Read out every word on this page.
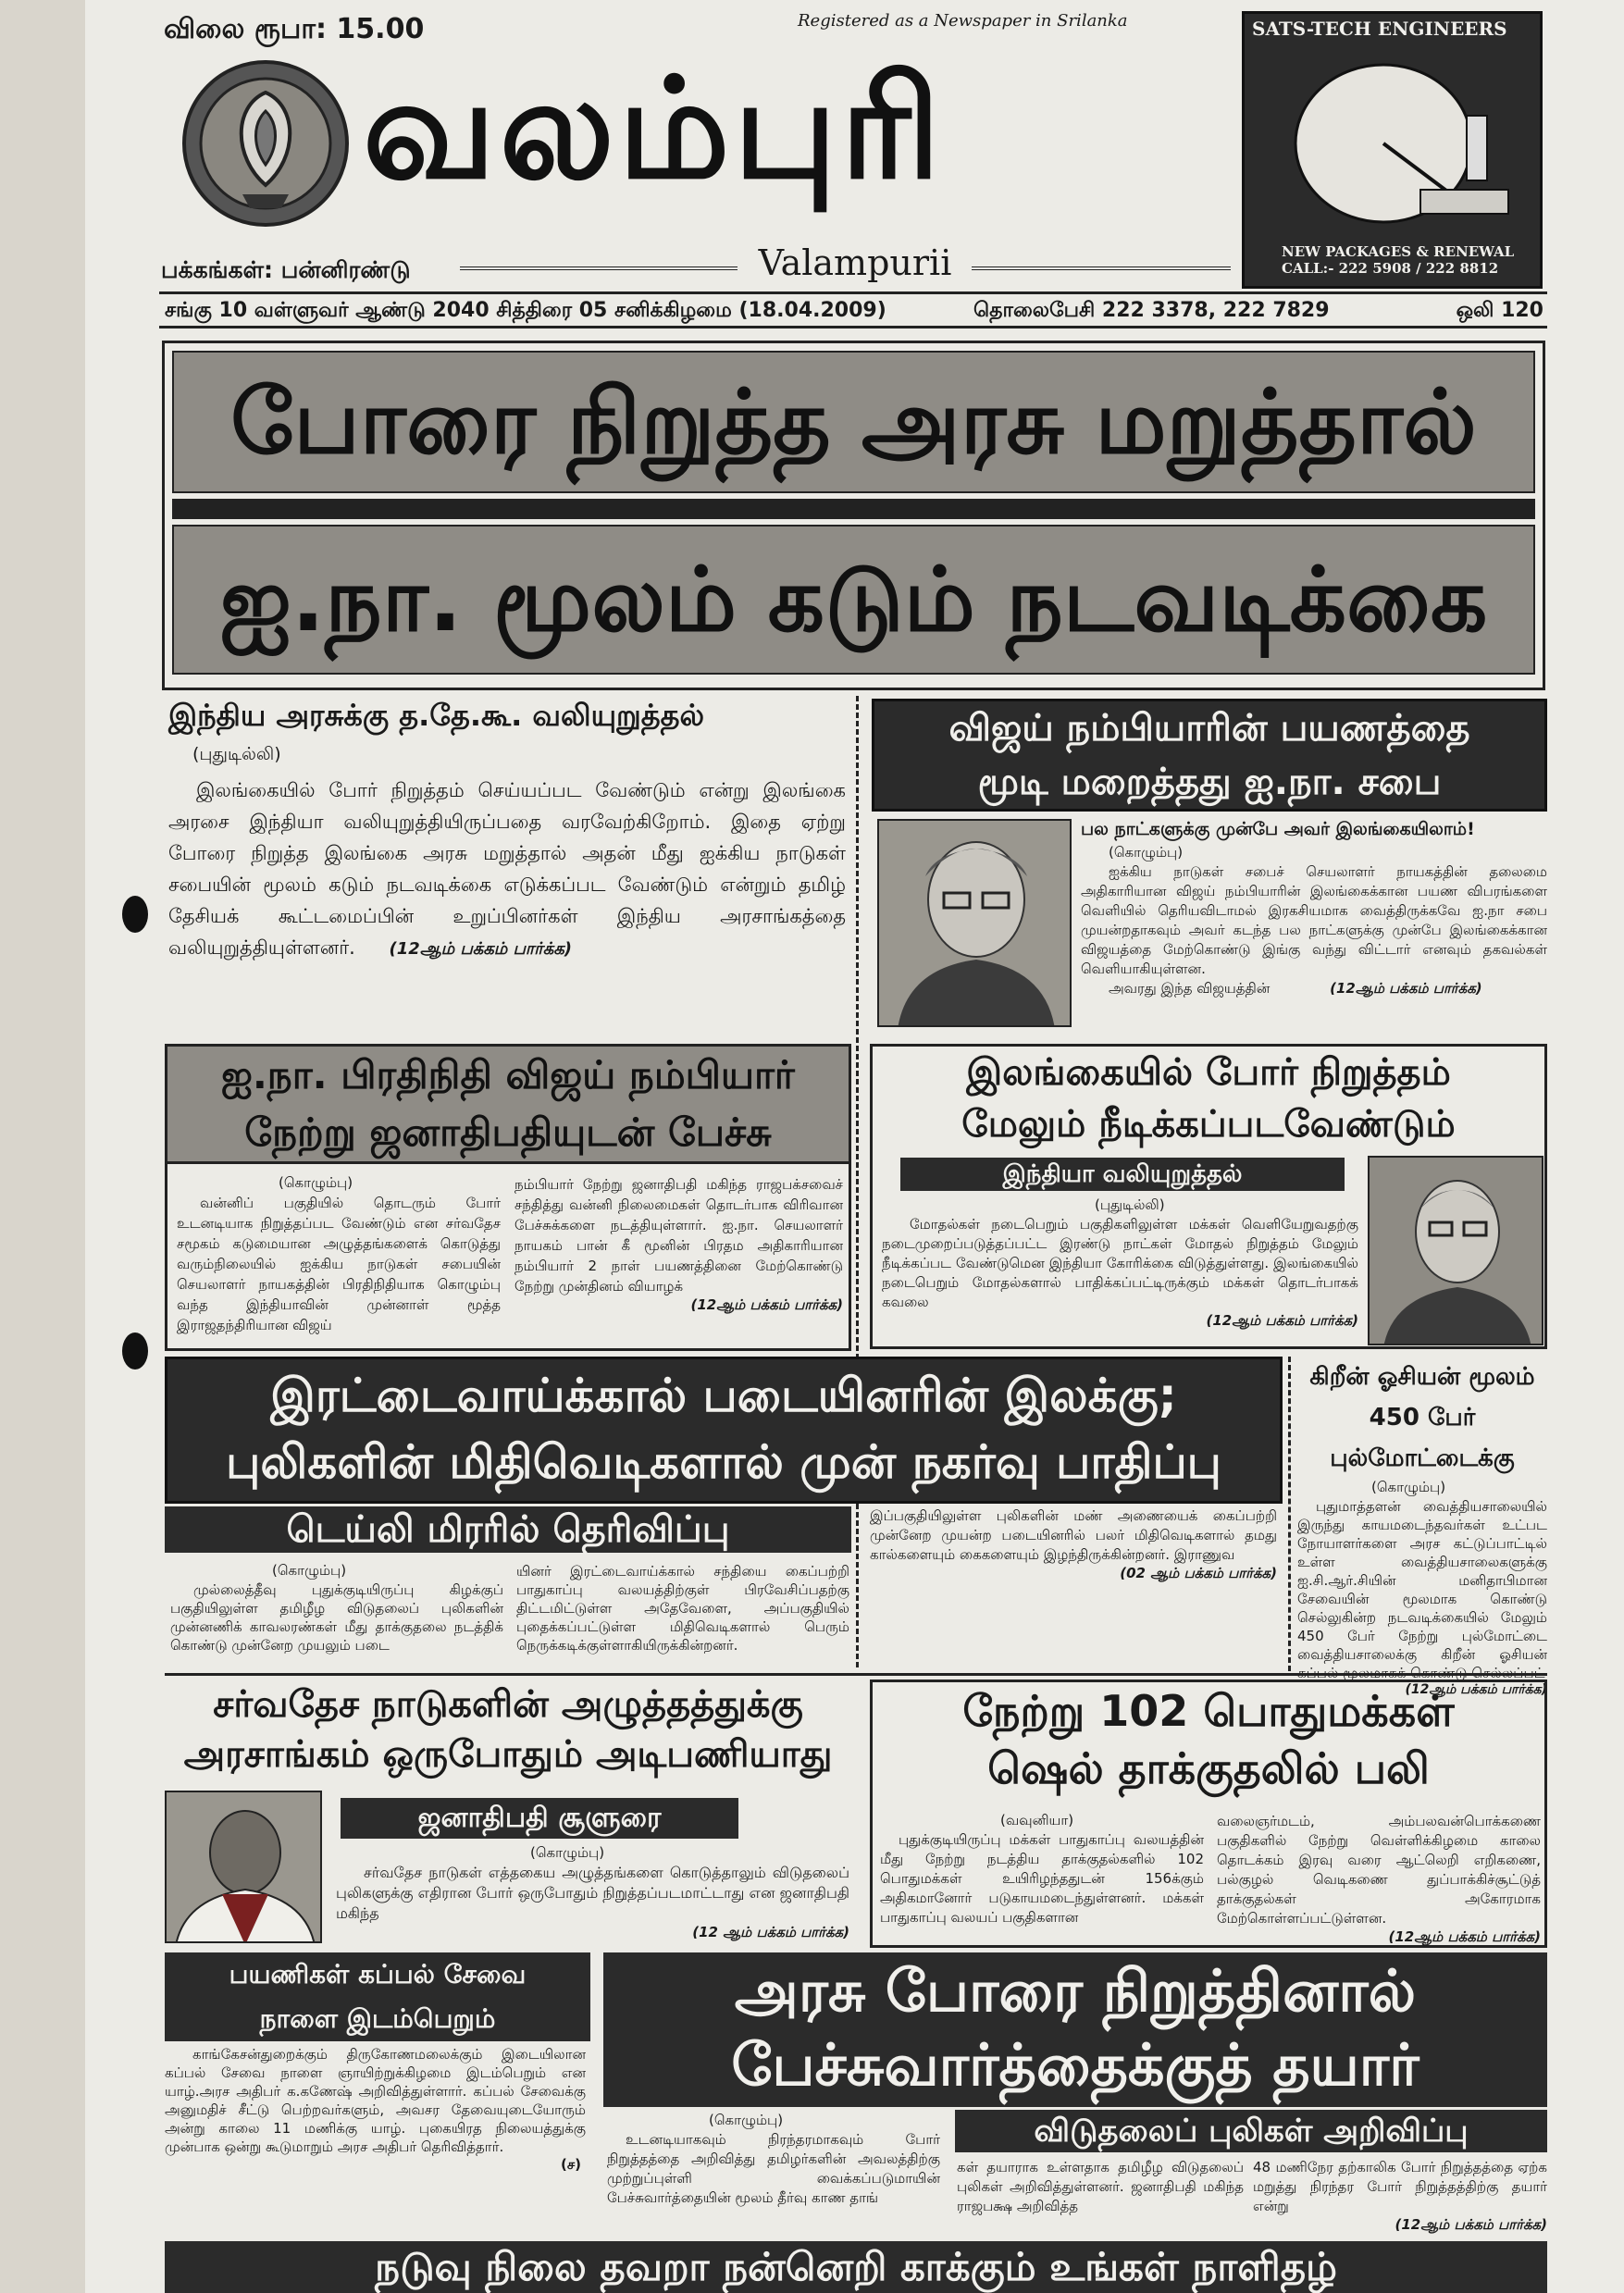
விலை ரூபா: 15.00	Registered as a Newspaper in Srilanka
வலம்புரி
பக்கங்கள்: பன்னிரண்டு	Valampurii
SATS-TECH ENGINEERS
NEW PACKAGES & RENEWAL
CALL:- 222 5908 / 222 8812
சங்கு 10 வள்ளுவர் ஆண்டு 2040 சித்திரை 05 சனிக்கிழமை (18.04.2009)	தொலைபேசி 222 3378, 222 7829	ஒலி 120
போரை நிறுத்த அரசு மறுத்தால்
ஐ.நா. மூலம் கடும் நடவடிக்கை
இந்திய அரசுக்கு த.தே.கூ. வலியுறுத்தல்
(புதுடில்லி)
இலங்கையில் போர் நிறுத்தம் செய்யப்பட வேண்டும் என்று இலங்கை அரசை இந்தியா வலியுறுத்தியிருப்பதை வரவேற்கிறோம். இதை ஏற்று போரை நிறுத்த இலங்கை அரசு மறுத்தால் அதன் மீது ஐக்கிய நாடுகள் சபையின் மூலம் கடும் நடவடிக்கை எடுக்கப்பட வேண்டும் என்றும் தமிழ் தேசியக் கூட்டமைப்பின் உறுப்பினர்கள் இந்திய அரசாங்கத்தை வலியுறுத்தியுள்ளனர். (12ஆம் பக்கம் பார்க்க)
விஜய் நம்பியாரின் பயணத்தை
மூடி மறைத்தது ஐ.நா. சபை
பல நாட்களுக்கு முன்பே அவர் இலங்கையிலாம்!
(கொழும்பு)
ஐக்கிய நாடுகள் சபைச் செயலாளர் நாயகத்தின் தலைமை அதிகாரியான விஜய் நம்பியாரின் இலங்கைக்கான பயண விபரங்களை வெளியில் தெரியவிடாமல் இரகசியமாக வைத்திருக்கவே ஐ.நா சபை முயன்றதாகவும் அவர் கடந்த பல நாட்களுக்கு முன்பே இலங்கைக்கான விஜயத்தை மேற்கொண்டு இங்கு வந்து விட்டார் எனவும் தகவல்கள் வெளியாகியுள்ளன.
அவரது இந்த விஜயத்தின்	(12ஆம் பக்கம் பார்க்க)
ஐ.நா. பிரதிநிதி விஜய் நம்பியார்
நேற்று ஜனாதிபதியுடன் பேச்சு
(கொழும்பு)
வன்னிப் பகுதியில் தொடரும் போர் உடனடியாக நிறுத்தப்பட வேண்டும் என சர்வதேச சமூகம் கடுமையான அழுத்தங்களைக் கொடுத்து வரும்நிலையில் ஐக்கிய நாடுகள் சபையின் செயலாளர் நாயகத்தின் பிரதிநிதியாக கொழும்பு வந்த இந்தியாவின் முன்னாள் மூத்த இராஜதந்திரியான விஜய்
நம்பியார் நேற்று ஜனாதிபதி மகிந்த ராஜபக்சவைச் சந்தித்து வன்னி நிலைமைகள் தொடர்பாக விரிவான பேச்சுக்களை நடத்தியுள்ளார். ஐ.நா. செயலாளர் நாயகம் பான் கீ மூனின் பிரதம அதிகாரியான நம்பியார் 2 நாள் பயணத்தினை மேற்கொண்டு நேற்று முன்தினம் வியாழக்
(12ஆம் பக்கம் பார்க்க)
இலங்கையில் போர் நிறுத்தம்
மேலும் நீடிக்கப்படவேண்டும்
இந்தியா வலியுறுத்தல்
(புதுடில்லி)
மோதல்கள் நடைபெறும் பகுதிகளிலுள்ள மக்கள் வெளியேறுவதற்கு நடைமுறைப்படுத்தப்பட்ட இரண்டு நாட்கள் மோதல் நிறுத்தம் மேலும் நீடிக்கப்பட வேண்டுமென இந்தியா கோரிக்கை விடுத்துள்ளது. இலங்கையில் நடைபெறும் மோதல்களால் பாதிக்கப்பட்டிருக்கும் மக்கள் தொடர்பாகக் கவலை
(12ஆம் பக்கம் பார்க்க)
இரட்டைவாய்க்கால் படையினரின் இலக்கு;
புலிகளின் மிதிவெடிகளால் முன் நகர்வு பாதிப்பு
டெய்லி மிரரில் தெரிவிப்பு
(கொழும்பு)
முல்லைத்தீவு புதுக்குடியிருப்பு கிழக்குப் பகுதியிலுள்ள தமிழீழ விடுதலைப் புலிகளின் முன்னணிக் காவலரண்கள் மீது தாக்குதலை நடத்திக் கொண்டு முன்னேற முயலும் படை
யினர் இரட்டைவாய்க்கால் சந்தியை கைப்பற்றி பாதுகாப்பு வலயத்திற்குள் பிரவேசிப்பதற்கு திட்டமிட்டுள்ள அதேவேளை, அப்பகுதியில் புதைக்கப்பட்டுள்ள மிதிவெடிகளால் பெரும் நெருக்கடிக்குள்ளாகியிருக்கின்றனர்.
இப்பகுதியிலுள்ள புலிகளின் மண் அணையைக் கைப்பற்றி முன்னேற முயன்ற படையினரில் பலர் மிதிவெடிகளால் தமது கால்களையும் கைகளையும் இழந்திருக்கின்றனர். இராணுவ
(02 ஆம் பக்கம் பார்க்க)
கிறீன் ஓசியன் மூலம்
450 பேர் புல்மோட்டைக்கு
(கொழும்பு)
புதுமாத்தளன் வைத்தியசாலையில் இருந்து காயமடைந்தவர்கள் உட்பட நோயாளர்களை அரச கட்டுப்பாட்டில் உள்ள வைத்தியசாலைகளுக்கு ஐ.சி.ஆர்.சியின் மனிதாபிமான சேவையின் மூலமாக கொண்டு செல்லுகின்ற நடவடிக்கையில் மேலும் 450 பேர் நேற்று புல்மோட்டை வைத்தியசாலைக்கு கிறீன் ஓசியன் கப்பல் மூலமாகக் கொண்டு செல்லப்பட்
(12ஆம் பக்கம் பார்க்க)
சர்வதேச நாடுகளின் அழுத்தத்துக்கு
அரசாங்கம் ஒருபோதும் அடிபணியாது
ஜனாதிபதி சூளுரை
(கொழும்பு)
சர்வதேச நாடுகள் எத்தகைய அழுத்தங்களை கொடுத்தாலும் விடுதலைப் புலிகளுக்கு எதிரான போர் ஒருபோதும் நிறுத்தப்படமாட்டாது என ஜனாதிபதி மகிந்த
(12 ஆம் பக்கம் பார்க்க)
நேற்று 102 பொதுமக்கள்
ஷெல் தாக்குதலில் பலி
(வவுனியா)
புதுக்குடியிருப்பு மக்கள் பாதுகாப்பு வலயத்தின் மீது நேற்று நடத்திய தாக்குதல்களில் 102 பொதுமக்கள் உயிரிழந்ததுடன் 156க்கும் அதிகமானோர் படுகாயமடைந்துள்ளனர். மக்கள் பாதுகாப்பு வலயப் பகுதிகளான
வலைஞர்மடம், அம்பலவன்பொக்கணை பகுதிகளில் நேற்று வெள்ளிக்கிழமை காலை தொடக்கம் இரவு வரை ஆட்லெறி எறிகணை, பல்குழல் வெடிகணை துப்பாக்கிச்சூட்டுத் தாக்குதல்கள் அகோரமாக மேற்கொள்ளப்பட்டுள்ளன.
(12ஆம் பக்கம் பார்க்க)
பயணிகள் கப்பல் சேவை
நாளை இடம்பெறும்
காங்கேசன்துறைக்கும் திருகோணமலைக்கும் இடையிலான கப்பல் சேவை நாளை ஞாயிற்றுக்கிழமை இடம்பெறும் என யாழ்.அரச அதிபர் க.கணேஷ் அறிவித்துள்ளார். கப்பல் சேவைக்கு அனுமதிச் சீட்டு பெற்றவர்களும், அவசர தேவையுடையோரும் அன்று காலை 11 மணிக்கு யாழ். புகையிரத நிலையத்துக்கு முன்பாக ஒன்று கூடுமாறும் அரச அதிபர் தெரிவித்தார்.
(ச)
அரசு போரை நிறுத்தினால்
பேச்சுவார்த்தைக்குத் தயார்
விடுதலைப் புலிகள் அறிவிப்பு
(கொழும்பு)
உடனடியாகவும் நிரந்தரமாகவும் போர் நிறுத்தத்தை அறிவித்து தமிழர்களின் அவலத்திற்கு முற்றுப்புள்ளி வைக்கப்படுமாயின் பேச்சுவார்த்தையின் மூலம் தீர்வு காண தாங்
கள் தயாராக உள்ளதாக தமிழீழ விடுதலைப் புலிகள் அறிவித்துள்ளனர். ஜனாதிபதி மகிந்த ராஜபக்ஷ அறிவித்த
48 மணிநேர தற்காலிக போர் நிறுத்தத்தை ஏற்க மறுத்து நிரந்தர போர் நிறுத்தத்திற்கு தயார் என்று
(12ஆம் பக்கம் பார்க்க)
நடுவு நிலை தவறா நன்னெறி காக்கும் உங்கள் நாளிதழ்
